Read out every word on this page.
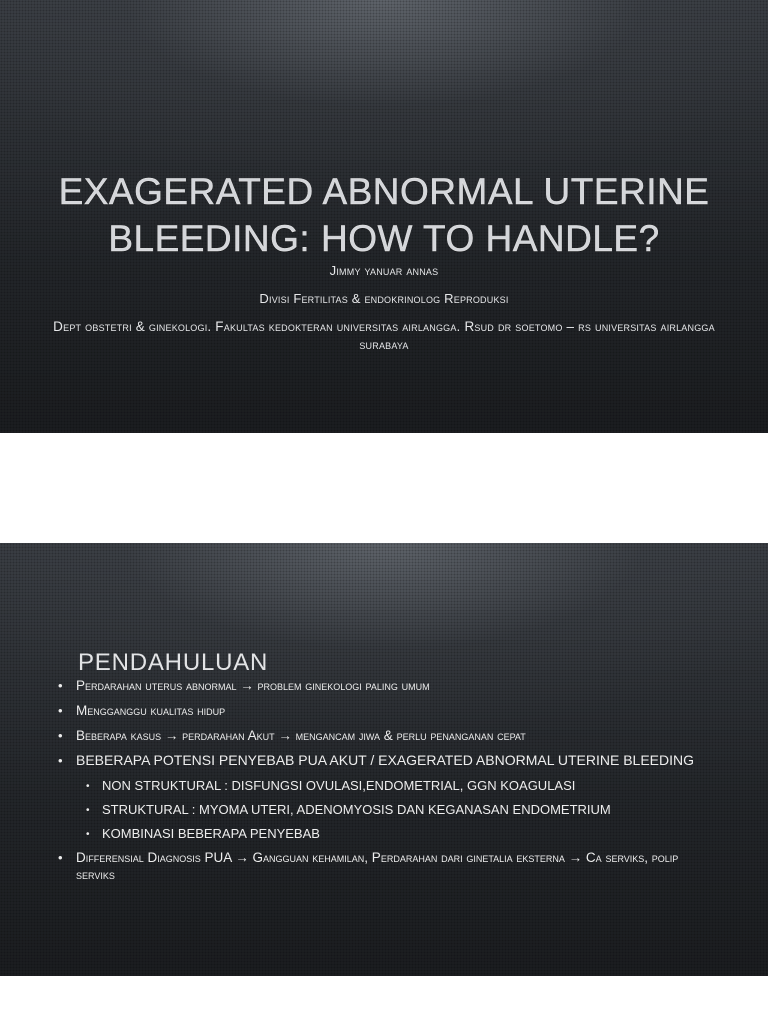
EXAGERATED ABNORMAL UTERINE BLEEDING: HOW TO HANDLE?
Jimmy yanuar annas
Divisi Fertilitas & endokrinolog Reproduksi
Dept obstetri & ginekologi. Fakultas kedokteran universitas airlangga. Rsud dr soetomo – rs universitas airlangga surabaya
PENDAHULUAN
• Perdarahan uterus abnormal → problem ginekologi paling umum
• Mengganggu kualitas hidup
• Beberapa kasus → perdarahan Akut → mengancam jiwa & perlu penanganan cepat
• BEBERAPA POTENSI PENYEBAB PUA AKUT / EXAGERATED ABNORMAL UTERINE BLEEDING
• NON STRUKTURAL : DISFUNGSI OVULASI,ENDOMETRIAL, GGN KOAGULASI
• STRUKTURAL : MYOMA UTERI, ADENOMYOSIS DAN KEGANASAN ENDOMETRIUM
• KOMBINASI BEBERAPA PENYEBAB
• Differensial Diagnosis PUA → Gangguan kehamilan, Perdarahan dari ginetalia eksterna → Ca serviks, polip serviks
